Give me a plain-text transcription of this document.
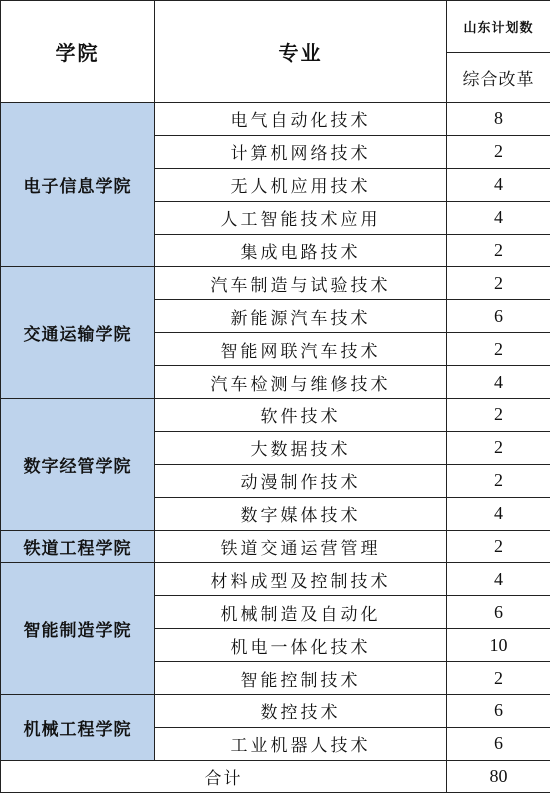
学院	专业	山东计划数
		综合改革
电子信息学院	电气自动化技术	8
	计算机网络技术	2
	无人机应用技术	4
	人工智能技术应用	4
	集成电路技术	2
交通运输学院	汽车制造与试验技术	2
	新能源汽车技术	6
	智能网联汽车技术	2
	汽车检测与维修技术	4
数字经管学院	软件技术	2
	大数据技术	2
	动漫制作技术	2
	数字媒体技术	4
铁道工程学院	铁道交通运营管理	2
智能制造学院	材料成型及控制技术	4
	机械制造及自动化	6
	机电一体化技术	10
	智能控制技术	2
机械工程学院	数控技术	6
	工业机器人技术	6
合计		80
